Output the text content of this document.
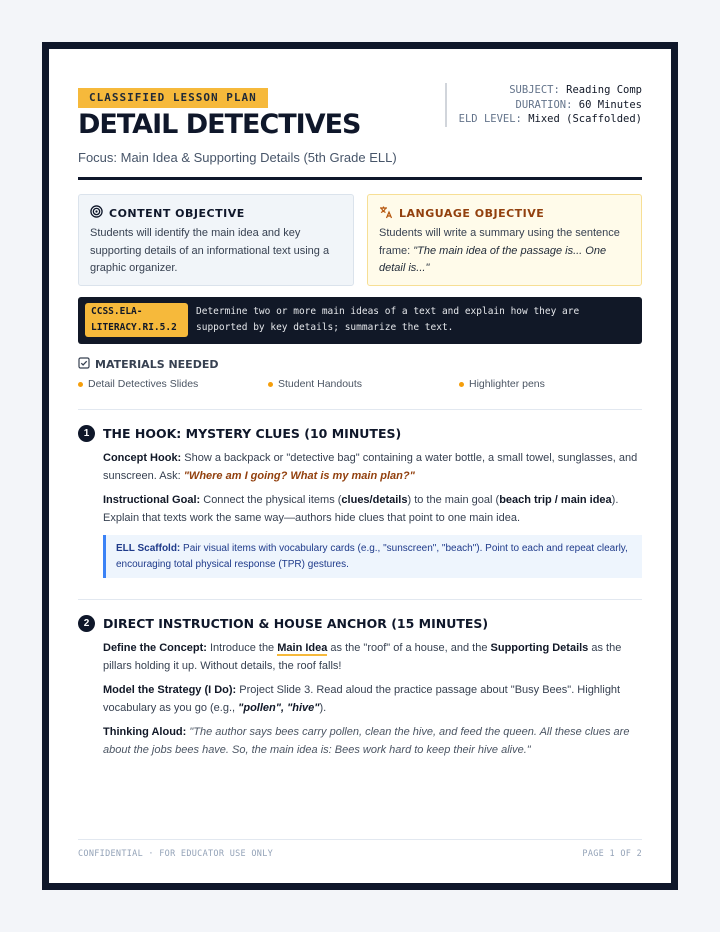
CLASSIFIED LESSON PLAN
DETAIL DETECTIVES
Focus: Main Idea & Supporting Details (5th Grade ELL)
SUBJECT: Reading Comp
DURATION: 60 Minutes
ELD LEVEL: Mixed (Scaffolded)
CONTENT OBJECTIVE
Students will identify the main idea and key supporting details of an informational text using a graphic organizer.
LANGUAGE OBJECTIVE
Students will write a summary using the sentence frame: "The main idea of the passage is... One detail is..."
CCSS.ELA-
LITERACY.RI.5.2
Determine two or more main ideas of a text and explain how they are supported by key details; summarize the text.
MATERIALS NEEDED
Detail Detectives Slides	Student Handouts	Highlighter pens
1	THE HOOK: MYSTERY CLUES (10 MINUTES)
Concept Hook: Show a backpack or "detective bag" containing a water bottle, a small towel, sunglasses, and sunscreen. Ask: "Where am I going? What is my main plan?"
Instructional Goal: Connect the physical items (clues/details) to the main goal (beach trip / main idea). Explain that texts work the same way—authors hide clues that point to one main idea.
ELL Scaffold: Pair visual items with vocabulary cards (e.g., "sunscreen", "beach"). Point to each and repeat clearly, encouraging total physical response (TPR) gestures.
2	DIRECT INSTRUCTION & HOUSE ANCHOR (15 MINUTES)
Define the Concept: Introduce the Main Idea as the "roof" of a house, and the Supporting Details as the pillars holding it up. Without details, the roof falls!
Model the Strategy (I Do): Project Slide 3. Read aloud the practice passage about "Busy Bees". Highlight vocabulary as you go (e.g., "pollen", "hive").
Thinking Aloud: "The author says bees carry pollen, clean the hive, and feed the queen. All these clues are about the jobs bees have. So, the main idea is: Bees work hard to keep their hive alive."
CONFIDENTIAL · FOR EDUCATOR USE ONLY	PAGE 1 OF 2
